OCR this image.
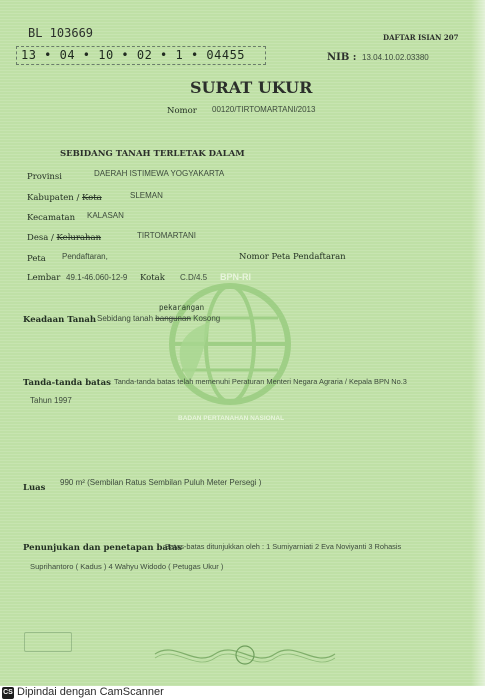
BPN-RI
BADAN PERTANAHAN NASIONAL
BL 103669
13 • 04 • 10 • 02 • 1 • 04455
DAFTAR ISIAN 207
NIB : 13.04.10.02.03380
SURAT UKUR
Nomor 00120/TIRTOMARTANI/2013
SEBIDANG TANAH TERLETAK DALAM
Provinsi	DAERAH ISTIMEWA YOGYAKARTA
Kabupaten / Kota	SLEMAN
Kecamatan KALASAN
Desa / Kelurahan	TIRTOMARTANI
Peta Pendaftaran,	Nomor Peta Pendaftaran
Lembar 49.1-46.060-12-9 Kotak C.D/4.5
Keadaan Tanah
pekarangan
Sebidang tanah bangunan Kosong
Tanda-tanda batas Tanda-tanda batas telah memenuhi Peraturan Menteri Negara Agraria / Kepala BPN No.3
Tahun 1997
Luas
990 m² (Sembilan Ratus Sembilan Puluh Meter Persegi )
Penunjukan dan penetapan batas
Batas-batas ditunjukkan oleh : 1 Sumiyarniati 2 Eva Noviyanti 3 Rohasis
Suprihantoro ( Kadus ) 4 Wahyu Widodo ( Petugas Ukur )
CS Dipindai dengan CamScanner
